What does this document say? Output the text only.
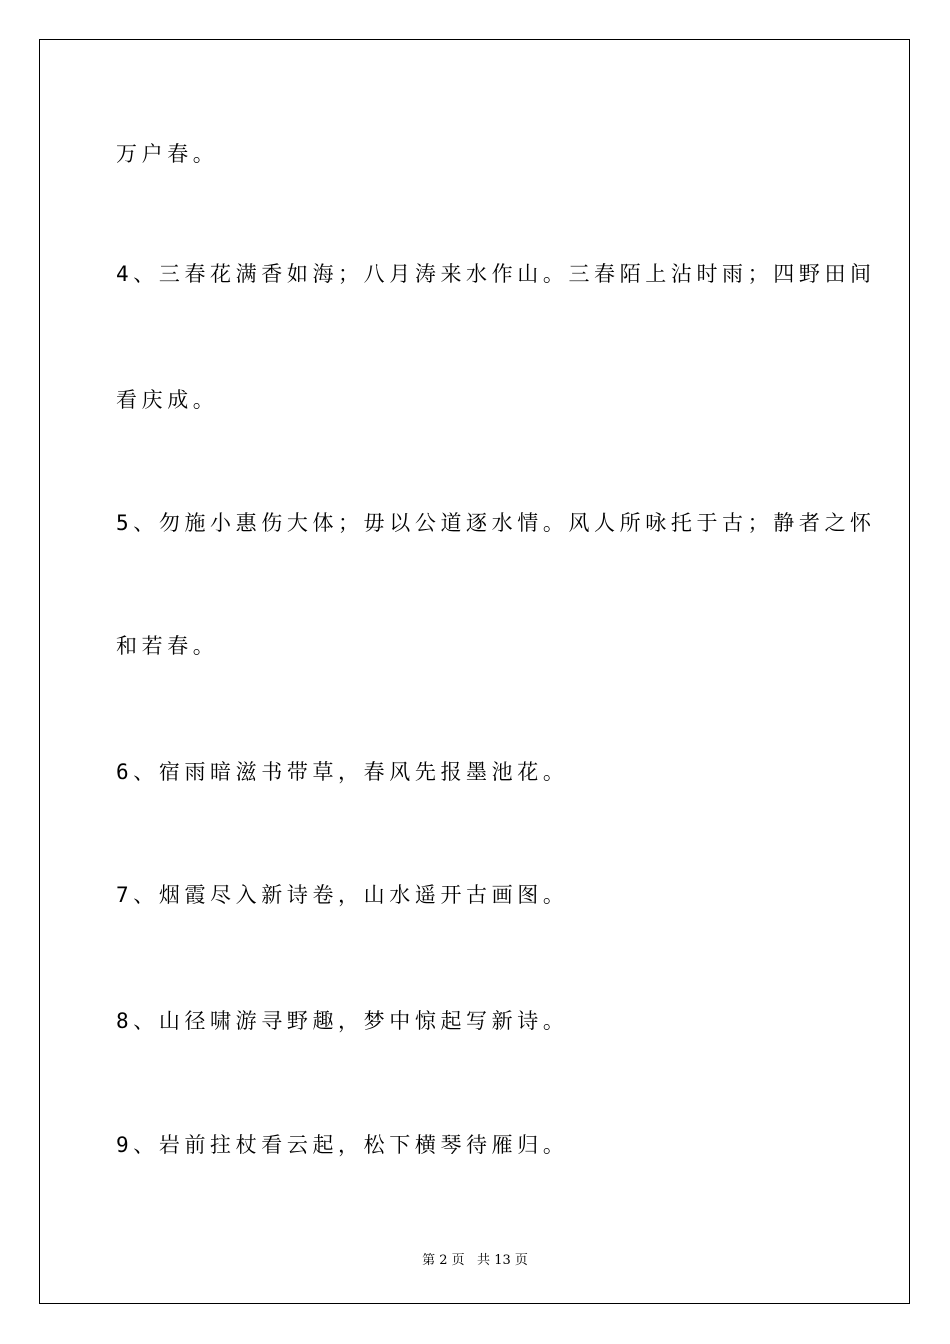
万户春。
4、三春花满香如海；八月涛来水作山。三春陌上沾时雨；四野田间
看庆成。
5、勿施小惠伤大体；毋以公道逐水情。风人所咏托于古；静者之怀
和若春。
6、宿雨暗滋书带草，春风先报墨池花。
7、烟霞尽入新诗卷，山水遥开古画图。
8、山径啸游寻野趣，梦中惊起写新诗。
9、岩前拄杖看云起，松下横琴待雁归。
第 2 页   共 13 页
